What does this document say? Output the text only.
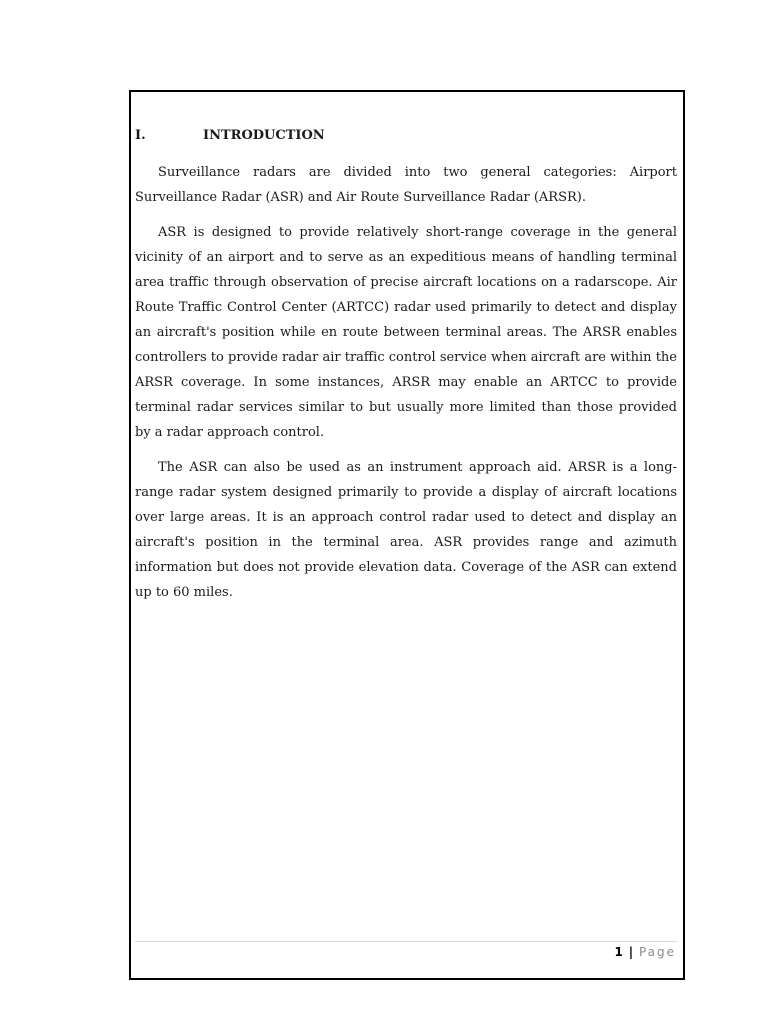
I.	INTRODUCTION

Surveillance radars are divided into two general categories: Airport Surveillance Radar (ASR) and Air Route Surveillance Radar (ARSR).

ASR is designed to provide relatively short-range coverage in the general vicinity of an airport and to serve as an expeditious means of handling terminal area traffic through observation of precise aircraft locations on a radarscope. Air Route Traffic Control Center (ARTCC) radar used primarily to detect and display an aircraft's position while en route between terminal areas. The ARSR enables controllers to provide radar air traffic control service when aircraft are within the ARSR coverage. In some instances, ARSR may enable an ARTCC to provide terminal radar services similar to but usually more limited than those provided by a radar approach control.

The ASR can also be used as an instrument approach aid. ARSR is a long-range radar system designed primarily to provide a display of aircraft locations over large areas. It is an approach control radar used to detect and display an aircraft's position in the terminal area. ASR provides range and azimuth information but does not provide elevation data. Coverage of the ASR can extend up to 60 miles.

1 | Page
